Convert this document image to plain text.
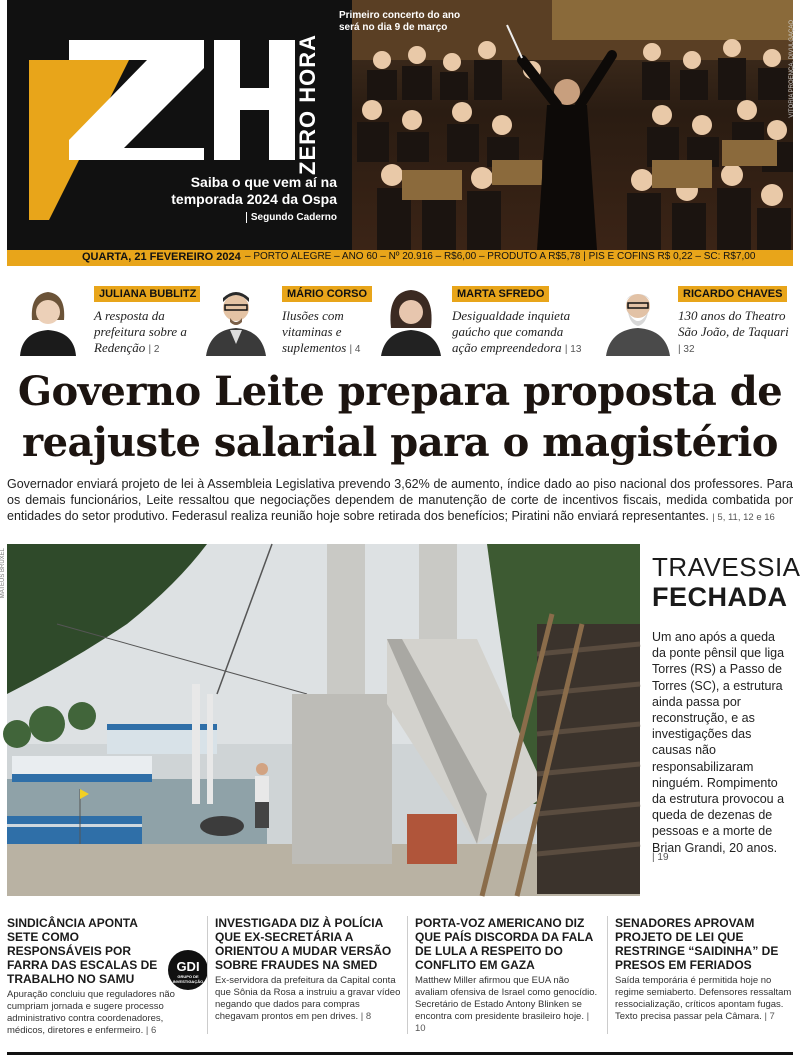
ZERO HORA
Saiba o que vem aí na temporada 2024 da Ospa
Segundo Caderno
Primeiro concerto do ano será no dia 9 de março	VITÓRIA PROENÇA, DIVULGAÇÃO
QUARTA, 21 FEVEREIRO 2024 – PORTO ALEGRE – ANO 60 – Nº 20.916 – R$6,00 – PRODUTO A R$5,78 | PIS E COFINS R$ 0,22 – SC: R$7,00
JULIANA BUBLITZ
A resposta da prefeitura sobre a Redenção | 2
MÁRIO CORSO
Ilusões com vitaminas e suplementos | 4
MARTA SFREDO
Desigualdade inquieta gaúcho que comanda ação empreendedora | 13
RICARDO CHAVES
130 anos do Theatro São João, de Taquari | 32
Governo Leite prepara proposta de
reajuste salarial para o magistério
Governador enviará projeto de lei à Assembleia Legislativa prevendo 3,62% de aumento, índice dado ao piso nacional dos professores. Para os demais funcionários, Leite ressaltou que negociações dependem de manutenção de corte de incentivos fiscais, medida combatida por entidades do setor produtivo. Federasul realiza reunião hoje sobre retirada dos benefícios; Piratini não enviará representantes. | 5, 11, 12 e 16
MATEUS BRUXEL	TRAVESSIA
FECHADA
Um ano após a queda da ponte pênsil que liga Torres (RS) a Passo de Torres (SC), a estrutura ainda passa por reconstrução, e as investigações das causas não responsabilizaram ninguém. Rompimento da estrutura provocou a queda de dezenas de pessoas e a morte de Brian Grandi, 20 anos.
| 19
SINDICÂNCIA APONTA SETE COMO RESPONSÁVEIS POR FARRA DAS ESCALAS DE TRABALHO NO SAMU
Apuração concluiu que reguladores não cumpriam jornada e sugere processo administrativo contra coordenadores, médicos, diretores e enfermeiro. | 6
GDI
GRUPO DE INVESTIGAÇÃO
INVESTIGADA DIZ À POLÍCIA QUE EX-SECRETÁRIA A ORIENTOU A MUDAR VERSÃO SOBRE FRAUDES NA SMED
Ex-servidora da prefeitura da Capital conta que Sônia da Rosa a instruiu a gravar vídeo negando que dados para compras chegavam prontos em pen drives. | 8
PORTA-VOZ AMERICANO DIZ QUE PAÍS DISCORDA DA FALA DE LULA A RESPEITO DO CONFLITO EM GAZA
Matthew Miller afirmou que EUA não avaliam ofensiva de Israel como genocídio. Secretário de Estado Antony Blinken se encontra com presidente brasileiro hoje. | 10
SENADORES APROVAM PROJETO DE LEI QUE RESTRINGE “SAIDINHA” DE PRESOS EM FERIADOS
Saída temporária é permitida hoje no regime semiaberto. Defensores ressaltam ressocialização, críticos apontam fugas. Texto precisa passar pela Câmara. | 7
